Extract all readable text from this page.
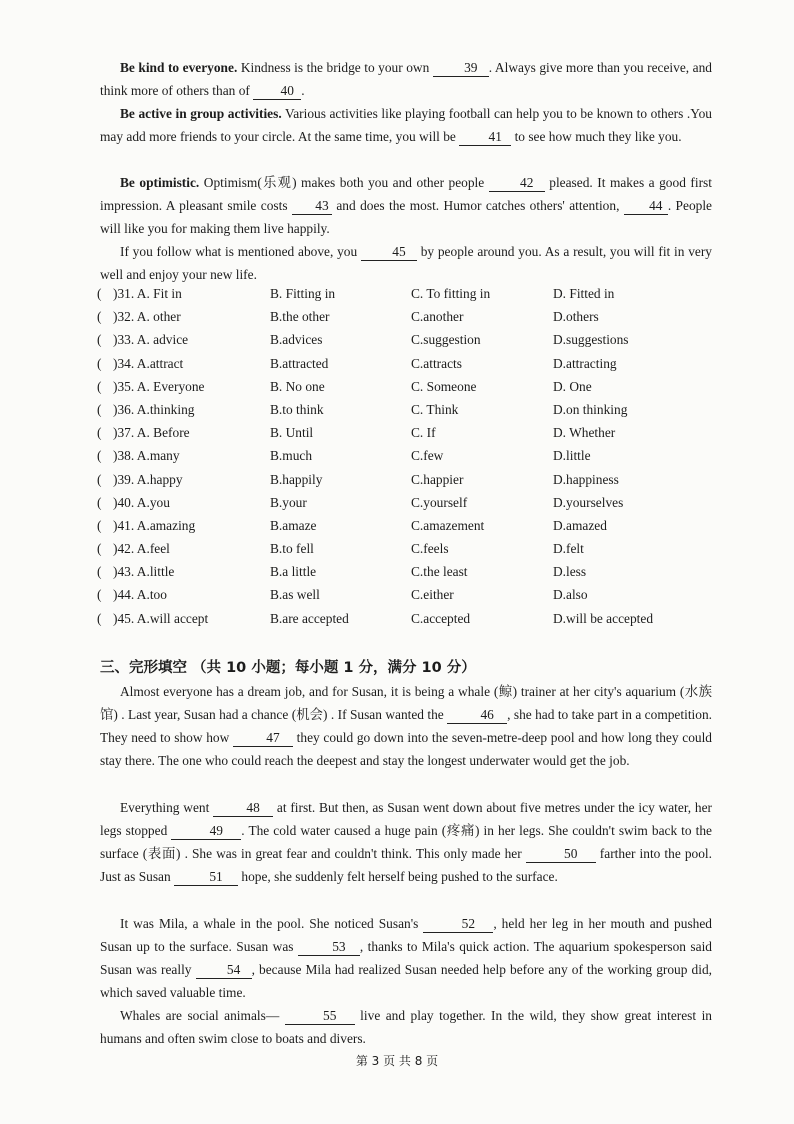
Be kind to everyone. Kindness is the bridge to your own 39 . Always give more than you receive, and think more of others than of 40 .
Be active in group activities. Various activities like playing football can help you to be known to others .You may add more friends to your circle. At the same time, you will be 41 to see how much they like you.
Be optimistic. Optimism(乐观) makes both you and other people 42 pleased. It makes a good first impression. A pleasant smile costs 43 and does the most. Humor catches others' attention, 44 . People will like you for making them live happily.
If you follow what is mentioned above, you 45 by people around you. As a result, you will fit in very well and enjoy your new life.
( )31. A. Fit in	B. Fitting in	C. To fitting in	D. Fitted in
( )32. A. other	B.the other	C.another	D.others
( )33. A. advice	B.advices	C.suggestion	D.suggestions
( )34. A.attract	B.attracted	C.attracts	D.attracting
( )35. A. Everyone	B. No one	C. Someone	D. One
( )36. A.thinking	B.to think	C. Think	D.on thinking
( )37. A. Before	B. Until	C. If	D. Whether
( )38. A.many	B.much	C.few	D.little
( )39. A.happy	B.happily	C.happier	D.happiness
( )40. A.you	B.your	C.yourself	D.yourselves
( )41. A.amazing	B.amaze	C.amazement	D.amazed
( )42. A.feel	B.to fell	C.feels	D.felt
( )43. A.little	B.a little	C.the least	D.less
( )44. A.too	B.as well	C.either	D.also
( )45. A.will accept	B.are accepted	C.accepted	D.will be accepted
三、完形填空 （共 10 小题；每小题 1 分，满分 10 分）
Almost everyone has a dream job, and for Susan, it is being a whale (鲸) trainer at her city's aquarium (水族馆) . Last year, Susan had a chance (机会) . If Susan wanted the 46 , she had to take part in a competition. They need to show how 47 they could go down into the seven-metre-deep pool and how long they could stay there. The one who could reach the deepest and stay the longest underwater would get the job.
Everything went 48 at first. But then, as Susan went down about five metres under the icy water, her legs stopped	49 . The cold water caused a huge pain (疼痛) in her legs. She couldn't swim back to the surface (表面) . She was in great fear and couldn't think. This only made her	50 farther into the pool. Just as Susan	51 hope, she suddenly felt herself being pushed to the surface.
It was Mila, a whale in the pool. She noticed Susan's	52 , held her leg in her mouth and pushed Susan up to the surface. Susan was	53 , thanks to Mila's quick action. The aquarium spokesperson said Susan was really 54 , because Mila had realized Susan needed help before any of the working group did, which saved valuable time.
Whales are social animals—	55 live and play together. In the wild, they show great interest in humans and often swim close to boats and divers.
第 3 页 共 8 页
